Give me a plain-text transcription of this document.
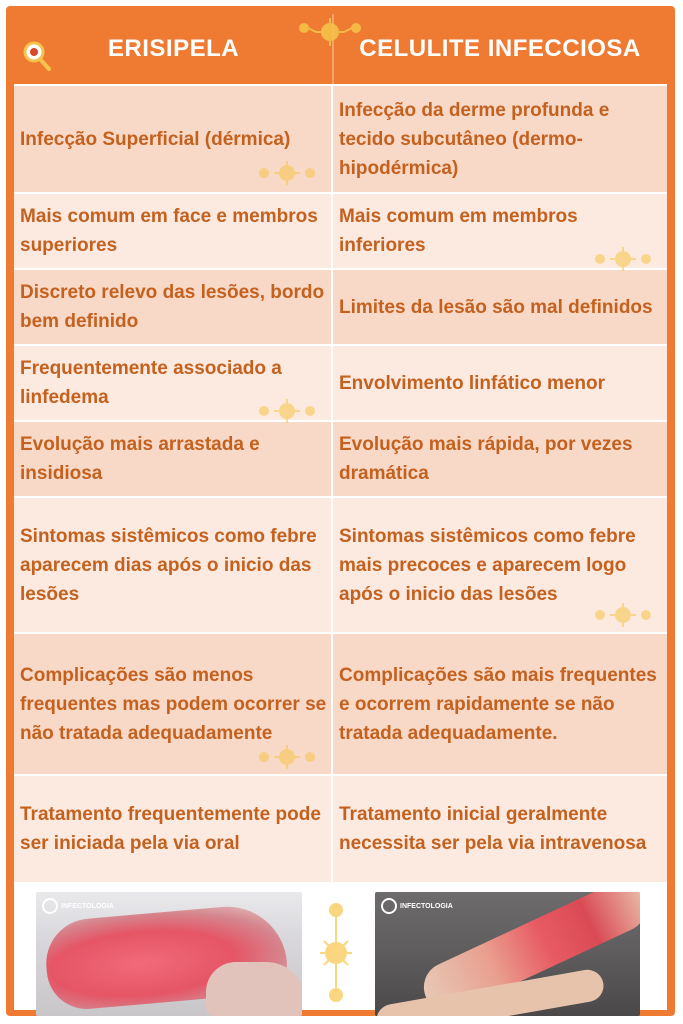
ERISIPELA	CELULITE INFECCIOSA
Infecção Superficial (dérmica)
Infecção da derme profunda e tecido subcutâneo (dermo-hipodérmica)
Mais comum em face e membros superiores
Mais comum em membros inferiores
Discreto relevo das lesões, bordo bem definido
Limites da lesão são mal definidos
Frequentemente associado a linfedema
Envolvimento linfático menor
Evolução mais arrastada e insidiosa
Evolução mais rápida, por vezes dramática
Sintomas sistêmicos como febre aparecem dias após o inicio das lesões
Sintomas sistêmicos como febre mais precoces e aparecem logo após o inicio das lesões
Complicações são menos frequentes mas podem ocorrer se não tratada adequadamente
Complicações são mais frequentes e ocorrem rapidamente se não tratada adequadamente.
Tratamento frequentemente pode ser iniciada pela via oral
Tratamento inicial geralmente necessita ser pela via intravenosa
INFECTOLOGIA	INFECTOLOGIA
